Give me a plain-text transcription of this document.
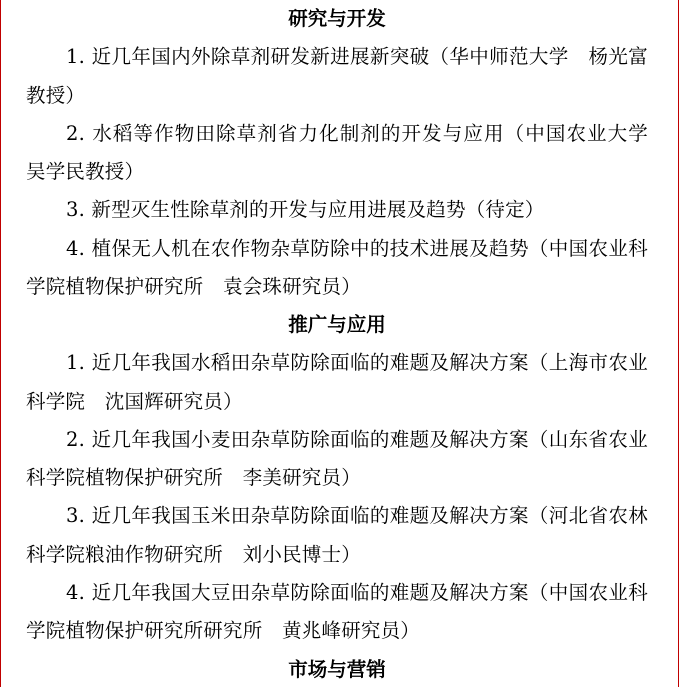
研究与开发

1. 近几年国内外除草剂研发新进展新突破（华中师范大学　杨光富教授）

2. 水稻等作物田除草剂省力化制剂的开发与应用（中国农业大学　吴学民教授）

3. 新型灭生性除草剂的开发与应用进展及趋势（待定）

4. 植保无人机在农作物杂草防除中的技术进展及趋势（中国农业科学院植物保护研究所　袁会珠研究员）

推广与应用

1. 近几年我国水稻田杂草防除面临的难题及解决方案（上海市农业科学院　沈国辉研究员）

2. 近几年我国小麦田杂草防除面临的难题及解决方案（山东省农业科学院植物保护研究所　李美研究员）

3. 近几年我国玉米田杂草防除面临的难题及解决方案（河北省农林科学院粮油作物研究所　刘小民博士）

4. 近几年我国大豆田杂草防除面临的难题及解决方案（中国农业科学院植物保护研究所研究所　黄兆峰研究员）

市场与营销
